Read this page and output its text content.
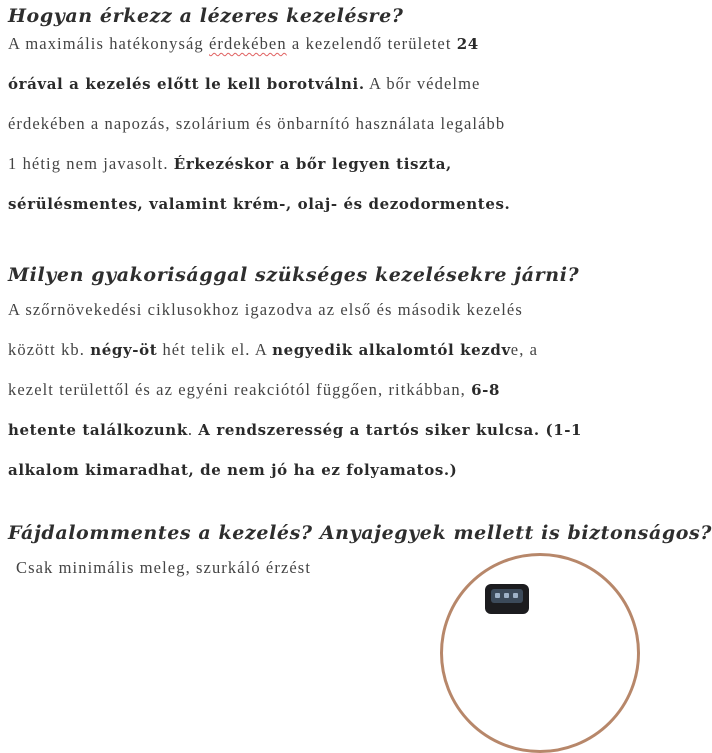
Hogyan érkezz a lézeres kezelésre?
A maximális hatékonyság érdekében a kezelendő területet 24
órával a kezelés előtt le kell borotválni. A bőr védelme
érdekében a napozás, szolárium és önbarnító használata legalább
1 hétig nem javasolt. Érkezéskor a bőr legyen tiszta,
sérülésmentes, valamint krém-, olaj- és dezodormentes.
Milyen gyakorisággal szükséges kezelésekre járni?
A szőrnövekedési ciklusokhoz igazodva az első és második kezelés
között kb. négy-öt hét telik el. A negyedik alkalomtól kezdve, a
kezelt területtől és az egyéni reakciótól függően, ritkábban, 6-8
hetente találkozunk. A rendszeresség a tartós siker kulcsa. (1-1
alkalom kimaradhat, de nem jó ha ez folyamatos.)
Fájdalommentes a kezelés? Anyajegyek mellett is biztonságos?
Csak minimális meleg, szurkáló érzést
